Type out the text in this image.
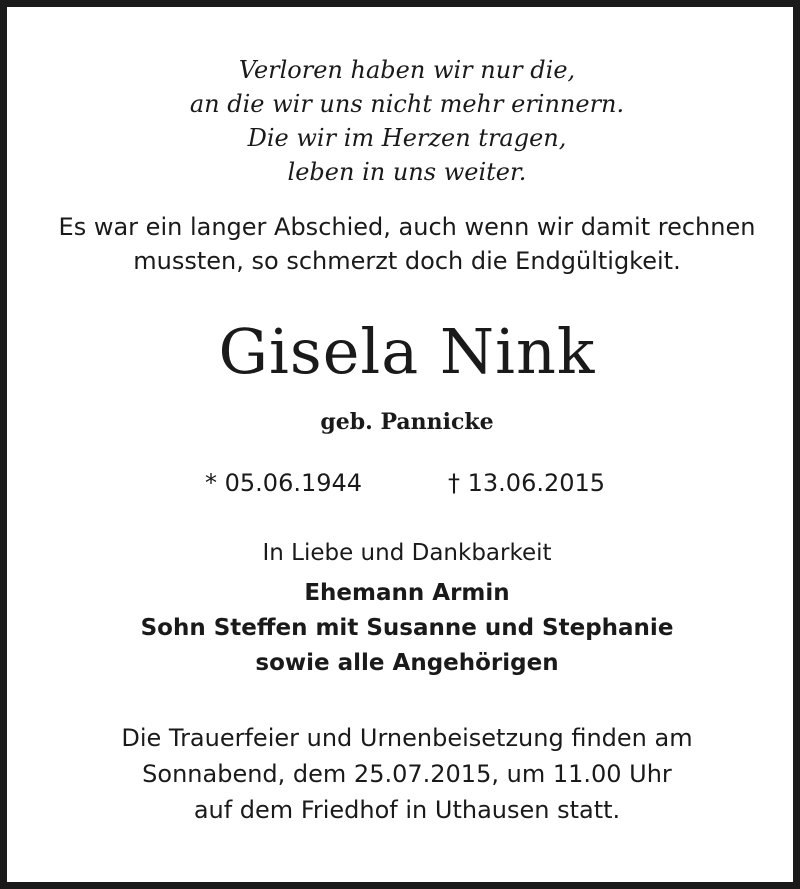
Verloren haben wir nur die,
an die wir uns nicht mehr erinnern.
Die wir im Herzen tragen,
leben in uns weiter.
Es war ein langer Abschied, auch wenn wir damit rechnen
mussten, so schmerzt doch die Endgültigkeit.
Gisela Nink
geb. Pannicke
* 05.06.1944	† 13.06.2015
In Liebe und Dankbarkeit
Ehemann Armin
Sohn Steffen mit Susanne und Stephanie
sowie alle Angehörigen
Die Trauerfeier und Urnenbeisetzung finden am
Sonnabend, dem 25.07.2015, um 11.00 Uhr
auf dem Friedhof in Uthausen statt.
